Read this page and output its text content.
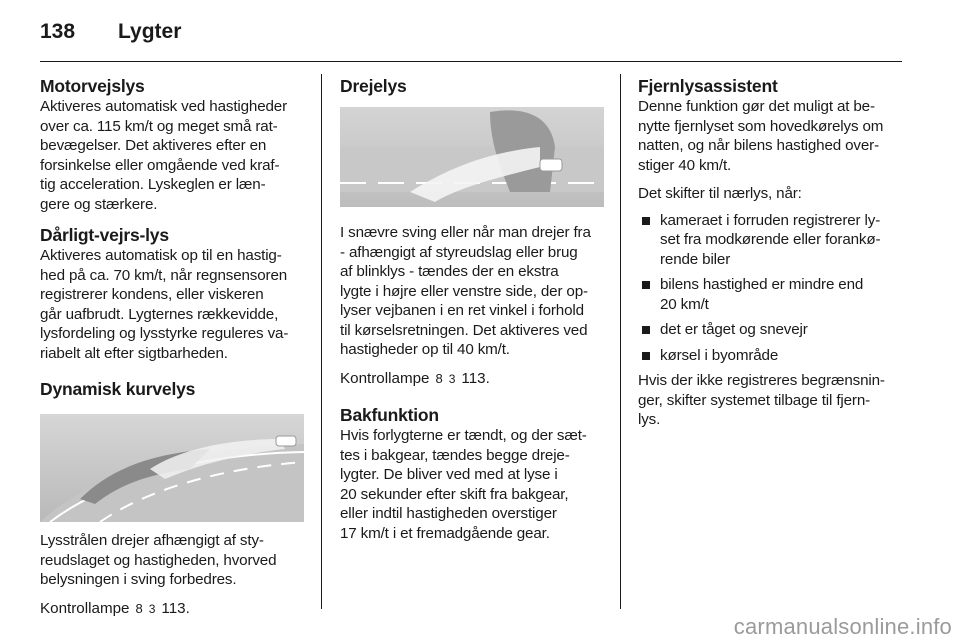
138	Lygter
Motorvejslys

Aktiveres automatisk ved hastigheder
over ca. 115 km/t og meget små rat-
bevægelser. Det aktiveres efter en
forsinkelse eller omgående ved kraf-
tig acceleration. Lyskeglen er læn-
gere og stærkere.

Dårligt-vejrs-lys

Aktiveres automatisk op til en hastig-
hed på ca. 70 km/t, når regnsensoren
registrerer kondens, eller viskeren
går uafbrudt. Lygternes rækkevidde,
lysfordeling og lysstyrke reguleres va-
riabelt alt efter sigtbarheden.

Dynamisk kurvelys

Lysstrålen drejer afhængigt af sty-
reudslaget og hastigheden, hvorved
belysningen i sving forbedres.

Kontrollampe 8 3 113.
Drejelys

I snævre sving eller når man drejer fra
- afhængigt af styreudslag eller brug
af blinklys - tændes der en ekstra
lygte i højre eller venstre side, der op-
lyser vejbanen i en ret vinkel i forhold
til kørselsretningen. Det aktiveres ved
hastigheder op til 40 km/t.

Kontrollampe 8 3 113.
Bakfunktion

Hvis forlygterne er tændt, og der sæt-
tes i bakgear, tændes begge dreje-
lygter. De bliver ved med at lyse i
20 sekunder efter skift fra bakgear,
eller indtil hastigheden overstiger
17 km/t i et fremadgående gear.

Fjernlysassistent

Denne funktion gør det muligt at be-
nytte fjernlyset som hovedkørelys om
natten, og når bilens hastighed over-
stiger 40 km/t.

Det skifter til nærlys, når:

kameraet i forruden registrerer ly-
set fra modkørende eller forankø-
rende biler
bilens hastighed er mindre end
20 km/t
det er tåget og snevejr
kørsel i byområde

Hvis der ikke registreres begrænsnin-
ger, skifter systemet tilbage til fjern-
lys.

carmanualsonline.info
